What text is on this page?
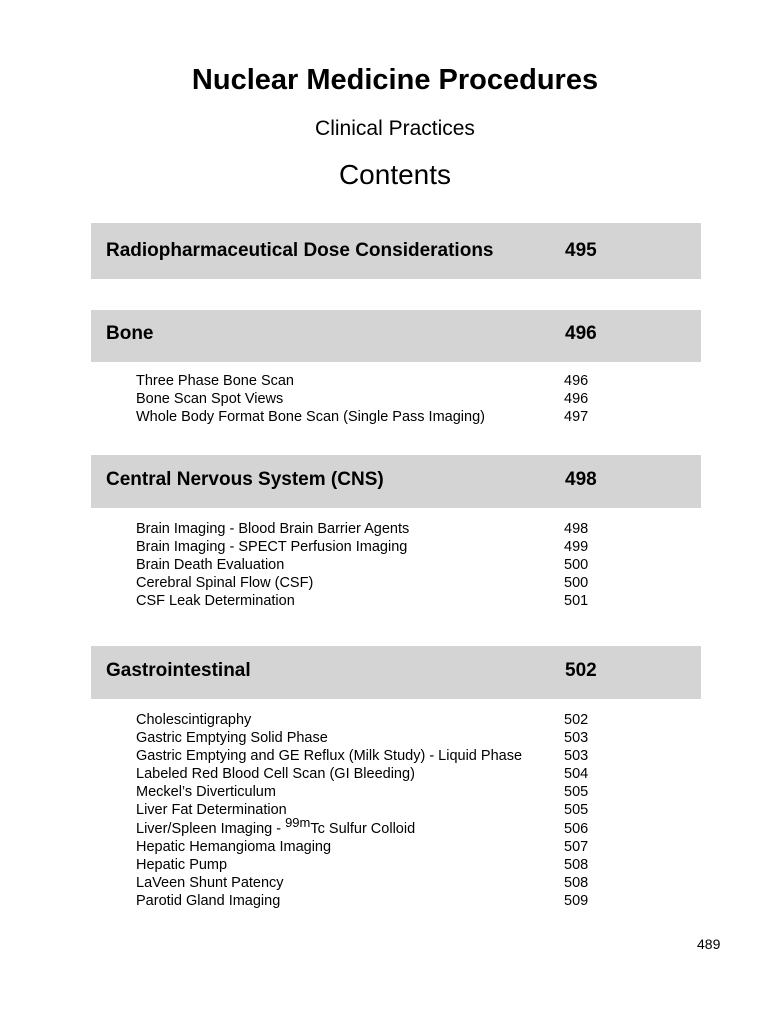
Nuclear Medicine Procedures
Clinical Practices
Contents
Radiopharmaceutical Dose Considerations	495
Bone	496
Three Phase Bone Scan	496
Bone Scan Spot Views	496
Whole Body Format Bone Scan (Single Pass Imaging)	497
Central Nervous System (CNS)	498
Brain Imaging - Blood Brain Barrier Agents	498
Brain Imaging - SPECT Perfusion Imaging	499
Brain Death Evaluation	500
Cerebral Spinal Flow (CSF)	500
CSF Leak Determination	501
Gastrointestinal	502
Cholescintigraphy	502
Gastric Emptying Solid Phase	503
Gastric Emptying and GE Reflux (Milk Study) - Liquid Phase	503
Labeled Red Blood Cell Scan (GI Bleeding)	504
Meckel’s Diverticulum	505
Liver Fat Determination	505
Liver/Spleen Imaging - 99mTc Sulfur Colloid	506
Hepatic Hemangioma Imaging	507
Hepatic Pump	508
LaVeen Shunt Patency	508
Parotid Gland Imaging	509
489
